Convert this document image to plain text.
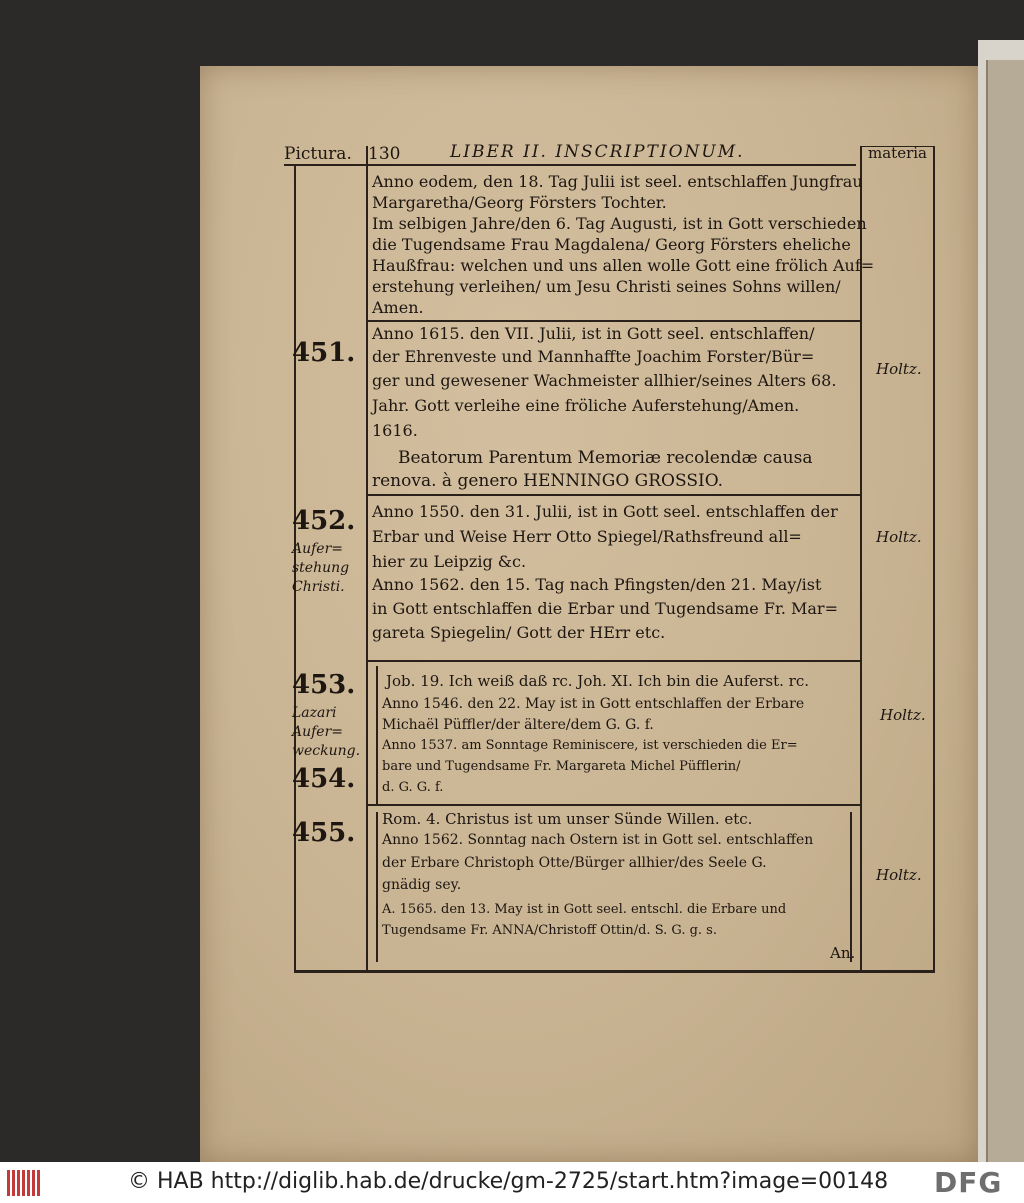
Pictura. 130	LIBER II. INSCRIPTIONUM.	materia
Anno eodem, den 18. Tag Julii ist seel. entschlaffen Jungfrau
Margaretha/Georg Försters Tochter.
Im selbigen Jahre/den 6. Tag Augusti, ist in Gott verschieden
die Tugendsame Frau Magdalena/ Georg Försters eheliche
Haußfrau: welchen und uns allen wolle Gott eine frölich Auf=
erstehung verleihen/ um Jesu Christi seines Sohns willen/
Amen.
451.
Holtz.
Anno 1615. den VII. Julii, ist in Gott seel. entschlaffen/
der Ehrenveste und Mannhaffte Joachim Forster/Bür=
ger und gewesener Wachmeister allhier/seines Alters 68.
Jahr. Gott verleihe eine fröliche Auferstehung/Amen.
1616.
Beatorum Parentum Memoriæ recolendæ causa
renova. à genero HENNINGO GROSSIO.
452.
Aufer=
stehung
Christi.
Holtz.
Anno 1550. den 31. Julii, ist in Gott seel. entschlaffen der
Erbar und Weise Herr Otto Spiegel/Rathsfreund all=
hier zu Leipzig &c.
Anno 1562. den 15. Tag nach Pfingsten/den 21. May/ist
in Gott entschlaffen die Erbar und Tugendsame Fr. Mar=
gareta Spiegelin/ Gott der HErr etc.
453.
Lazari
Aufer=
weckung.
454.
Holtz.
Job. 19. Ich weiß daß rc. Joh. XI. Ich bin die Auferst. rc.
Anno 1546. den 22. May ist in Gott entschlaffen der Erbare
Michaël Püffler/der ältere/dem G. G. f.
Anno 1537. am Sonntage Reminiscere, ist verschieden die Er=
bare und Tugendsame Fr. Margareta Michel Püfflerin/
d. G. G. f.
455.
Holtz.
Rom. 4. Christus ist um unser Sünde Willen. etc.
Anno 1562. Sonntag nach Ostern ist in Gott sel. entschlaffen
der Erbare Christoph Otte/Bürger allhier/des Seele G.
gnädig sey.
A. 1565. den 13. May ist in Gott seel. entschl. die Erbare und
Tugendsame Fr. ANNA/Christoff Ottin/d. S. G. g. s.
An.
© HAB http://diglib.hab.de/drucke/gm-2725/start.htm?image=00148 DFG
